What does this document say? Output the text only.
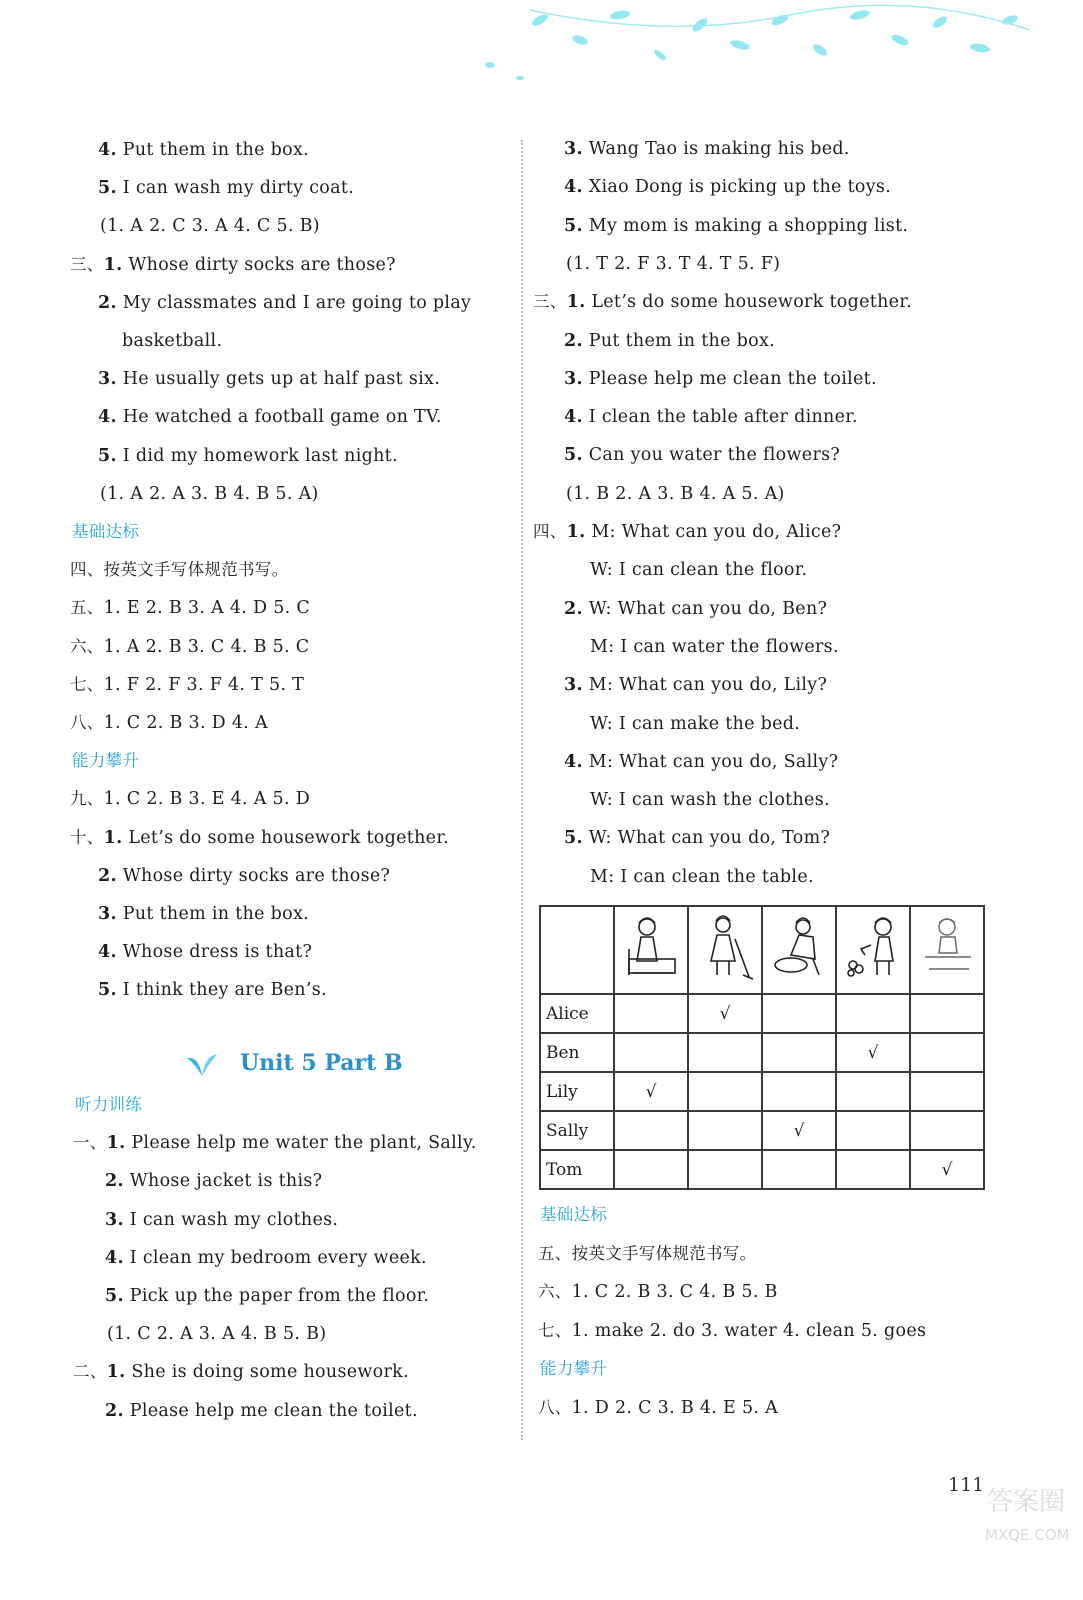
4. Put them in the box.
5. I can wash my dirty coat.
(1. A 2. C 3. A 4. C 5. B)
三、1. Whose dirty socks are those?
2. My classmates and I are going to play
basketball.
3. He usually gets up at half past six.
4. He watched a football game on TV.
5. I did my homework last night.
(1. A 2. A 3. B 4. B 5. A)
基础达标
四、按英文手写体规范书写。
五、1. E 2. B 3. A 4. D 5. C
六、1. A 2. B 3. C 4. B 5. C
七、1. F 2. F 3. F 4. T 5. T
八、1. C 2. B 3. D 4. A
能力攀升
九、1. C 2. B 3. E 4. A 5. D
十、1. Let’s do some housework together.
2. Whose dirty socks are those?
3. Put them in the box.
4. Whose dress is that?
5. I think they are Ben’s.
听力训练
一、1. Please help me water the plant, Sally.
2. Whose jacket is this?
3. I can wash my clothes.
4. I clean my bedroom every week.
5. Pick up the paper from the floor.
(1. C 2. A 3. A 4. B 5. B)
二、1. She is doing some housework.
2. Please help me clean the toilet.
Unit 5 Part B
3. Wang Tao is making his bed.
4. Xiao Dong is picking up the toys.
5. My mom is making a shopping list.
(1. T 2. F 3. T 4. T 5. F)
三、1. Let’s do some housework together.
2. Put them in the box.
3. Please help me clean the toilet.
4. I clean the table after dinner.
5. Can you water the flowers?
(1. B 2. A 3. B 4. A 5. A)
四、1. M: What can you do, Alice?
W: I can clean the floor.
2. W: What can you do, Ben?
M: I can water the flowers.
3. M: What can you do, Lily?
W: I can make the bed.
4. M: What can you do, Sally?
W: I can wash the clothes.
5. W: What can you do, Tom?
M: I can clean the table.
基础达标
五、按英文手写体规范书写。
六、1. C 2. B 3. C 4. B 5. B
七、1. make 2. do 3. water 4. clean 5. goes
能力攀升
八、1. D 2. C 3. B 4. E 5. A

Alice		√			
Ben				√	
Lily	√				
Sally			√		
Tom					√
111
答案圈
MXQE.COM
